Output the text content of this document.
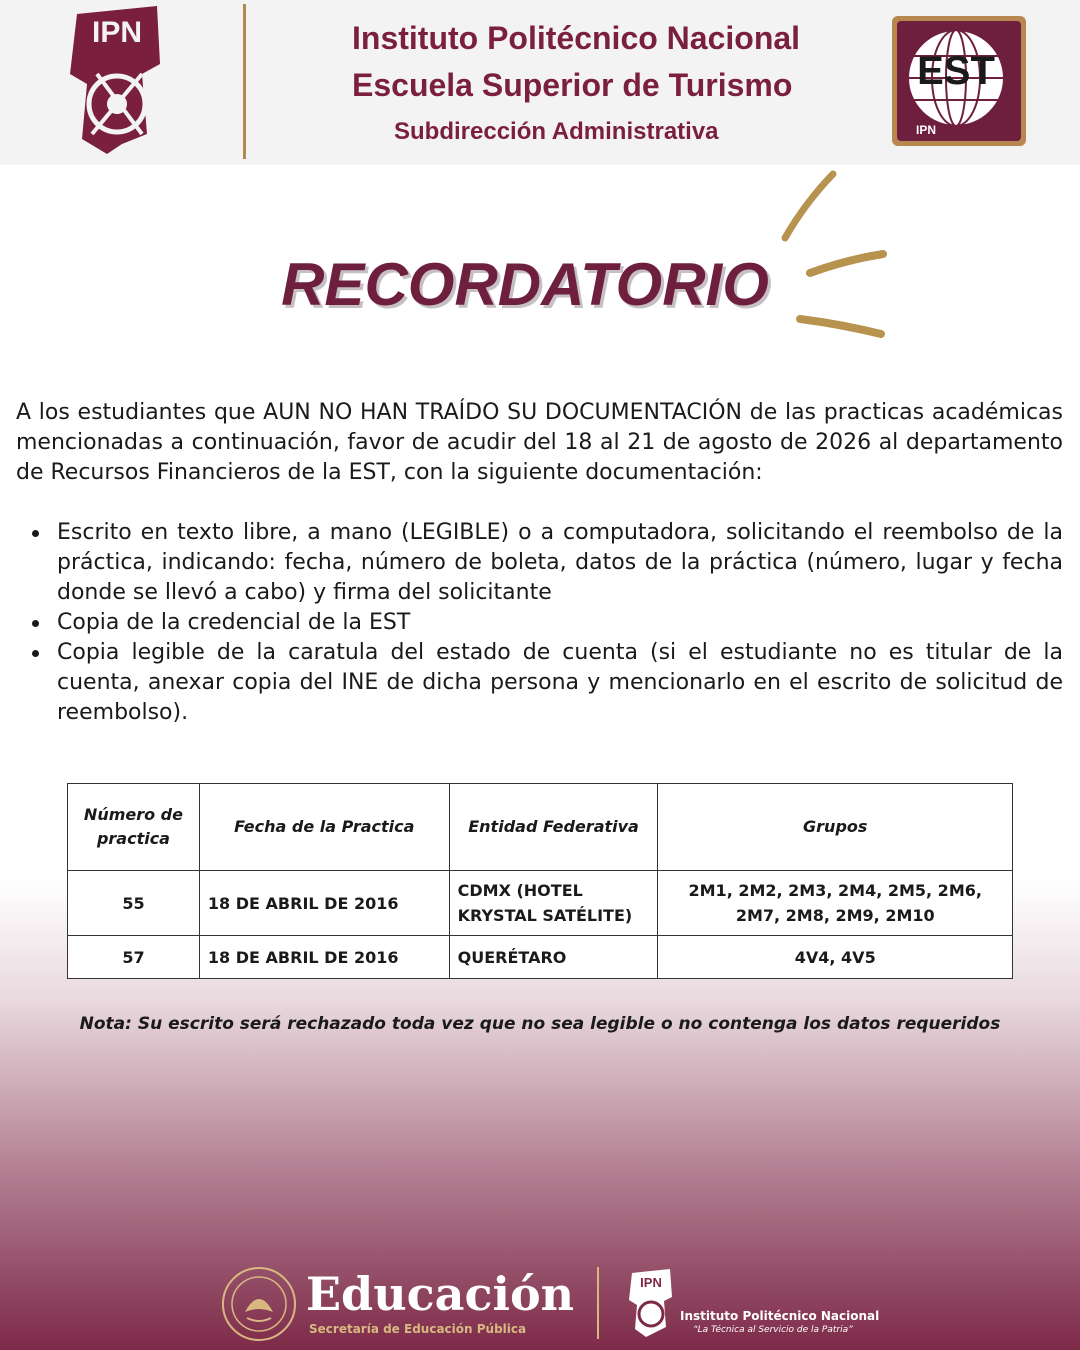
IPN	Instituto Politécnico Nacional
Escuela Superior de Turismo
Subdirección Administrativa
EST
IPN
RECORDATORIO

A los estudiantes que AUN NO HAN TRAÍDO SU DOCUMENTACIÓN de las practicas académicas mencionadas a continuación, favor de acudir del 18 al 21 de agosto de 2026 al departamento de Recursos Financieros de la EST, con la siguiente documentación:

Escrito en texto libre, a mano (LEGIBLE) o a computadora, solicitando el reembolso de la práctica, indicando: fecha, número de boleta, datos de la práctica (número, lugar y fecha donde se llevó a cabo) y firma del solicitante
Copia de la credencial de la EST
Copia legible de la caratula del estado de cuenta (si el estudiante no es titular de la cuenta, anexar copia del INE de dicha persona y mencionarlo en el escrito de solicitud de reembolso).
Número de practica	Fecha de la Practica	Entidad Federativa	Grupos
55	18 DE ABRIL DE 2016	CDMX (HOTEL KRYSTAL SATÉLITE)	2M1, 2M2, 2M3, 2M4, 2M5, 2M6, 2M7, 2M8, 2M9, 2M10
57	18 DE ABRIL DE 2016	QUERÉTARO	4V4, 4V5
Nota: Su escrito será rechazado toda vez que no sea legible o no contenga los datos requeridos
Educación
Secretaría de Educación Pública
IPN
Instituto Politécnico Nacional
“La Técnica al Servicio de la Patria”
